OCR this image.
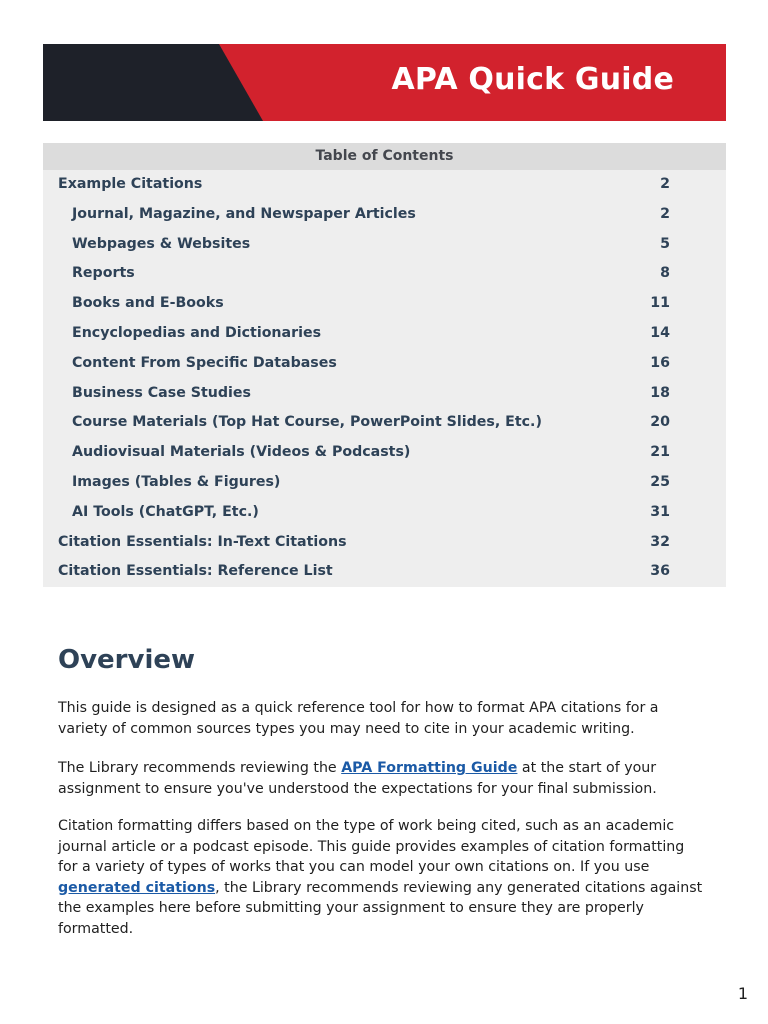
APA Quick Guide
Table of Contents
Example Citations	2
Journal, Magazine, and Newspaper Articles	2
Webpages & Websites	5
Reports	8
Books and E-Books	11
Encyclopedias and Dictionaries	14
Content From Specific Databases	16
Business Case Studies	18
Course Materials (Top Hat Course, PowerPoint Slides, Etc.)	20
Audiovisual Materials (Videos & Podcasts)	21
Images (Tables & Figures)	25
AI Tools (ChatGPT, Etc.)	31
Citation Essentials: In-Text Citations	32
Citation Essentials: Reference List	36
Overview

This guide is designed as a quick reference tool for how to format APA citations for a variety of common sources types you may need to cite in your academic writing.

The Library recommends reviewing the APA Formatting Guide at the start of your assignment to ensure you've understood the expectations for your final submission.

Citation formatting differs based on the type of work being cited, such as an academic journal article or a podcast episode. This guide provides examples of citation formatting for a variety of types of works that you can model your own citations on. If you use generated citations, the Library recommends reviewing any generated citations against the examples here before submitting your assignment to ensure they are properly formatted.

1
